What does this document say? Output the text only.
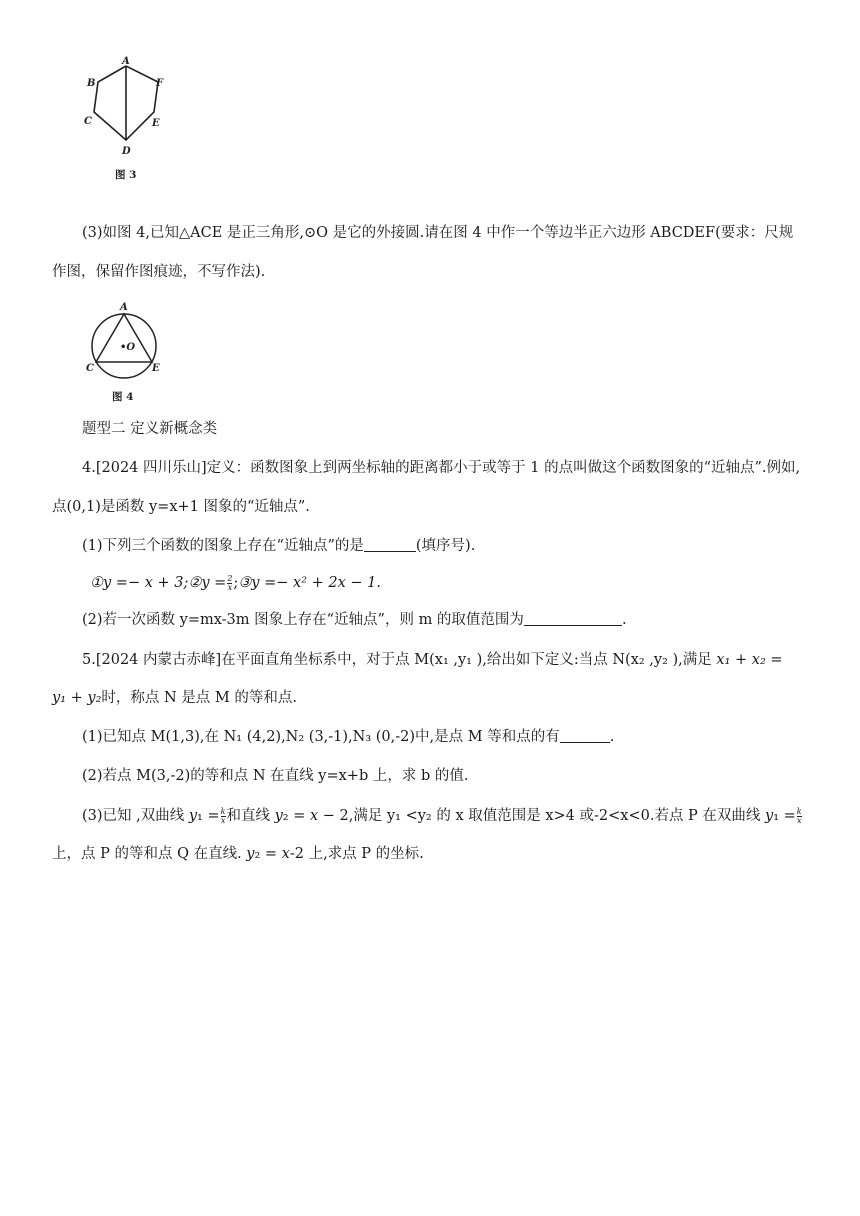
A
B
C
D
E
F
图 3
(3)如图 4,已知△ACE 是正三角形,⊙O 是它的外接圆.请在图 4 中作一个等边半正六边形 ABCDEF(要求：尺规
作图，保留作图痕迹，不写作法).
A
•O
C	E
图 4
题型二 定义新概念类
4.[2024 四川乐山]定义：函数图象上到两坐标轴的距离都小于或等于 1 的点叫做这个函数图象的“近轴点”.例如,
点(0,1)是函数 y=x+1 图象的“近轴点”.
(1)下列三个函数的图象上存在“近轴点”的是	(填序号).
①𝑦 =− 𝑥 + 3;②𝑦 = $\frac{2}{\text{𝑥}}$ ;③𝑦 =− 𝑥² + 2𝑥 − 1.
(2)若一次函数 y=mx-3m 图象上存在“近轴点”，则 m 的取值范围为	.
5.[2024 内蒙古赤峰]在平面直角坐标系中，对于点 M(x₁ ,y₁ ),给出如下定义:当点 N(x₂ ,y₂ ),满足 𝑥₁ + 𝑥₂ =
𝑦₁ + 𝑦₂时，称点 N 是点 M 的等和点.
(1)已知点 M(1,3),在 N₁ (4,2),N₂ (3,-1),N₃ (0,-2)中,是点 M 等和点的有	.
(2)若点 M(3,-2)的等和点 N 在直线 y=x+b 上，求 b 的值.
(3)已知 ,双曲线 𝑦₁ = $\frac{\text{𝑘}}{\text{𝑥}}$ 和直线 𝑦₂ = 𝑥 − 2,满足 y₁ <y₂ 的 x 取值范围是 x>4 或-2<x<0.若点 P 在双曲线 𝑦₁ = $\frac{\text{𝑘}}{\text{𝑥}}$
上，点 P 的等和点 Q 在直线. 𝑦₂ = 𝑥-2 上,求点 P 的坐标.
